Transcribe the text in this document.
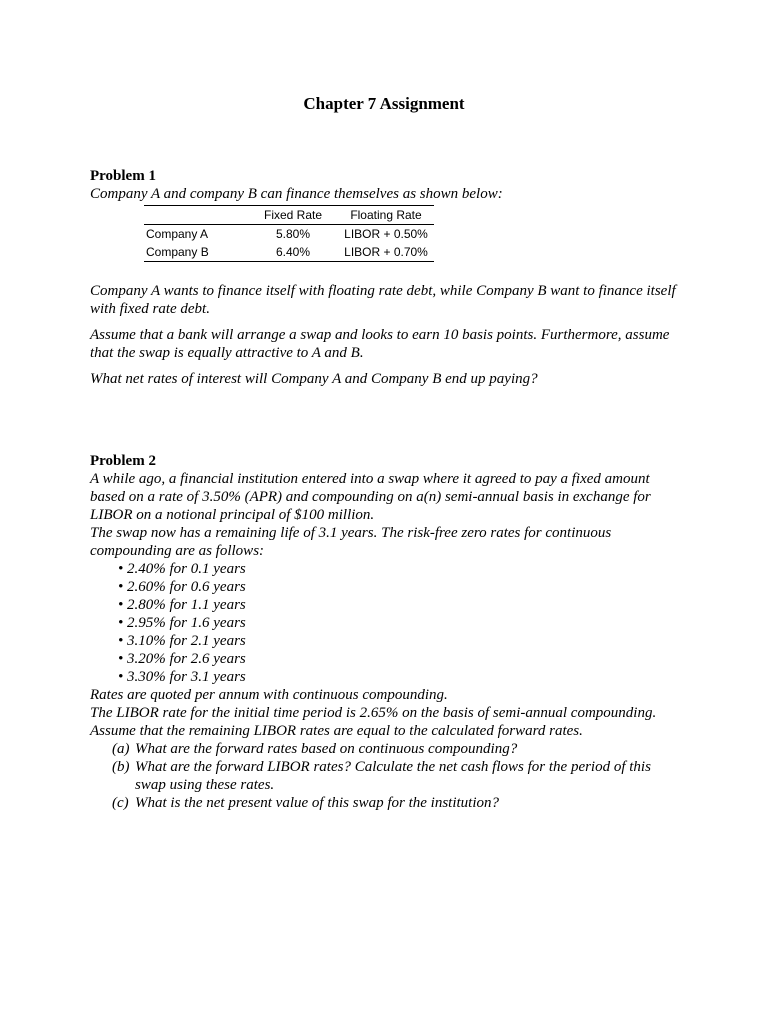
Chapter 7 Assignment
Problem 1
Company A and company B can finance themselves as shown below:
	Fixed Rate	Floating Rate
Company A	5.80%	LIBOR + 0.50%
Company B	6.40%	LIBOR + 0.70%

Company A wants to finance itself with floating rate debt, while Company B want to finance itself with fixed rate debt.

Assume that a bank will arrange a swap and looks to earn 10 basis points. Furthermore, assume that the swap is equally attractive to A and B.

What net rates of interest will Company A and Company B end up paying?

Problem 2
A while ago, a financial institution entered into a swap where it agreed to pay a fixed amount based on a rate of 3.50% (APR) and compounding on a(n) semi-annual basis in exchange for LIBOR on a notional principal of $100 million.
The swap now has a remaining life of 3.1 years. The risk-free zero rates for continuous compounding are as follows:
• 2.40% for 0.1 years
• 2.60% for 0.6 years
• 2.80% for 1.1 years
• 2.95% for 1.6 years
• 3.10% for 2.1 years
• 3.20% for 2.6 years
• 3.30% for 3.1 years
Rates are quoted per annum with continuous compounding.
The LIBOR rate for the initial time period is 2.65% on the basis of semi-annual compounding.
Assume that the remaining LIBOR rates are equal to the calculated forward rates.
(a) What are the forward rates based on continuous compounding?
(b) What are the forward LIBOR rates? Calculate the net cash flows for the period of this swap using these rates.
(c) What is the net present value of this swap for the institution?
